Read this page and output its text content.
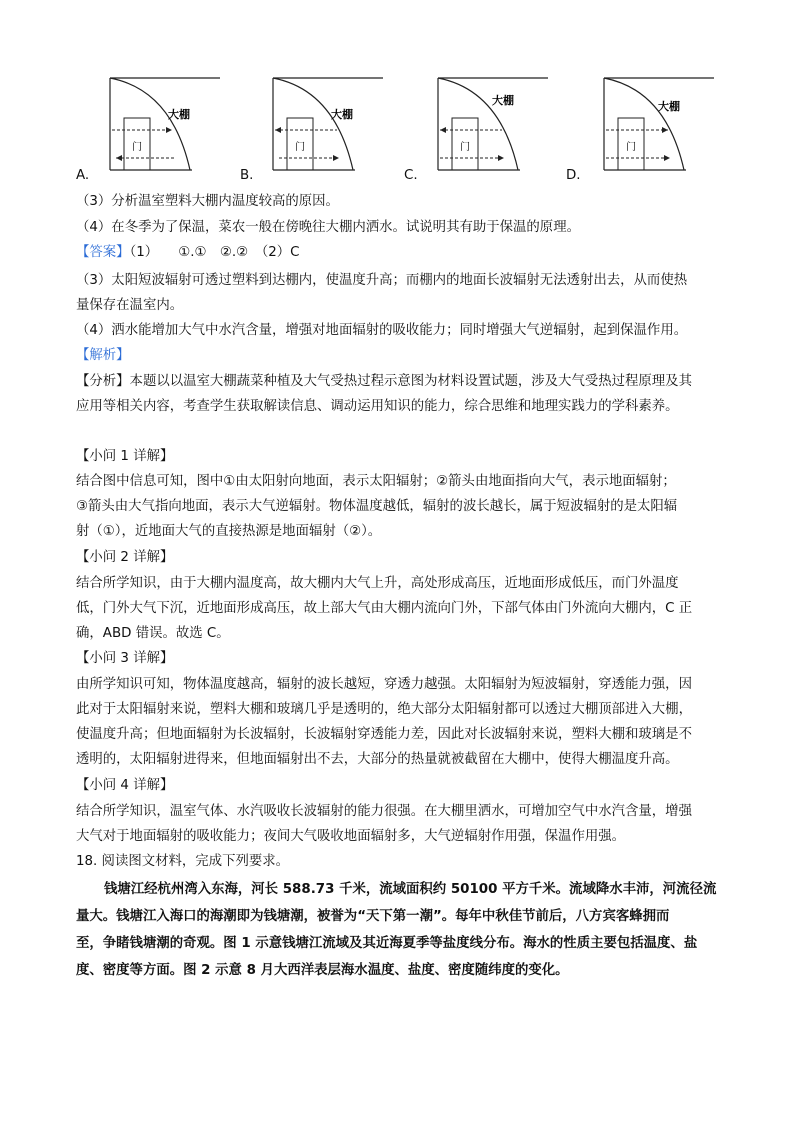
大棚
门
A.
大棚
门
B.
大棚
门
C.
大棚
门
D.
（3）分析温室塑料大棚内温度较高的原因。
（4）在冬季为了保温，菜农一般在傍晚往大棚内洒水。试说明其有助于保温的原理。
【答案】（1）　　①.①　②.②　（2）C
（3）太阳短波辐射可透过塑料到达棚内，使温度升高；而棚内的地面长波辐射无法透射出去，从而使热
量保存在温室内。
（4）洒水能增加大气中水汽含量，增强对地面辐射的吸收能力；同时增强大气逆辐射，起到保温作用。
【解析】
【分析】本题以以温室大棚蔬菜种植及大气受热过程示意图为材料设置试题，涉及大气受热过程原理及其
应用等相关内容，考查学生获取解读信息、调动运用知识的能力，综合思维和地理实践力的学科素养。
【小问 1 详解】
结合图中信息可知，图中①由太阳射向地面，表示太阳辐射；②箭头由地面指向大气，表示地面辐射；
③箭头由大气指向地面，表示大气逆辐射。物体温度越低，辐射的波长越长，属于短波辐射的是太阳辐
射（①），近地面大气的直接热源是地面辐射（②）。
【小问 2 详解】
结合所学知识，由于大棚内温度高，故大棚内大气上升，高处形成高压，近地面形成低压，而门外温度
低，门外大气下沉，近地面形成高压，故上部大气由大棚内流向门外，下部气体由门外流向大棚内，C 正
确，ABD 错误。故选 C。
【小问 3 详解】
由所学知识可知，物体温度越高，辐射的波长越短，穿透力越强。太阳辐射为短波辐射，穿透能力强，因
此对于太阳辐射来说，塑料大棚和玻璃几乎是透明的，绝大部分太阳辐射都可以透过大棚顶部进入大棚，
使温度升高；但地面辐射为长波辐射，长波辐射穿透能力差，因此对长波辐射来说，塑料大棚和玻璃是不
透明的，太阳辐射进得来，但地面辐射出不去，大部分的热量就被截留在大棚中，使得大棚温度升高。
【小问 4 详解】
结合所学知识，温室气体、水汽吸收长波辐射的能力很强。在大棚里洒水，可增加空气中水汽含量，增强
大气对于地面辐射的吸收能力；夜间大气吸收地面辐射多，大气逆辐射作用强，保温作用强。
18. 阅读图文材料，完成下列要求。
钱塘江经杭州湾入东海，河长 588.73 千米，流域面积约 50100 平方千米。流域降水丰沛，河流径流
量大。钱塘江入海口的海潮即为钱塘潮，被誉为“天下第一潮”。每年中秋佳节前后，八方宾客蜂拥而
至，争睹钱塘潮的奇观。图 1 示意钱塘江流域及其近海夏季等盐度线分布。海水的性质主要包括温度、盐
度、密度等方面。图 2 示意 8 月大西洋表层海水温度、盐度、密度随纬度的变化。
